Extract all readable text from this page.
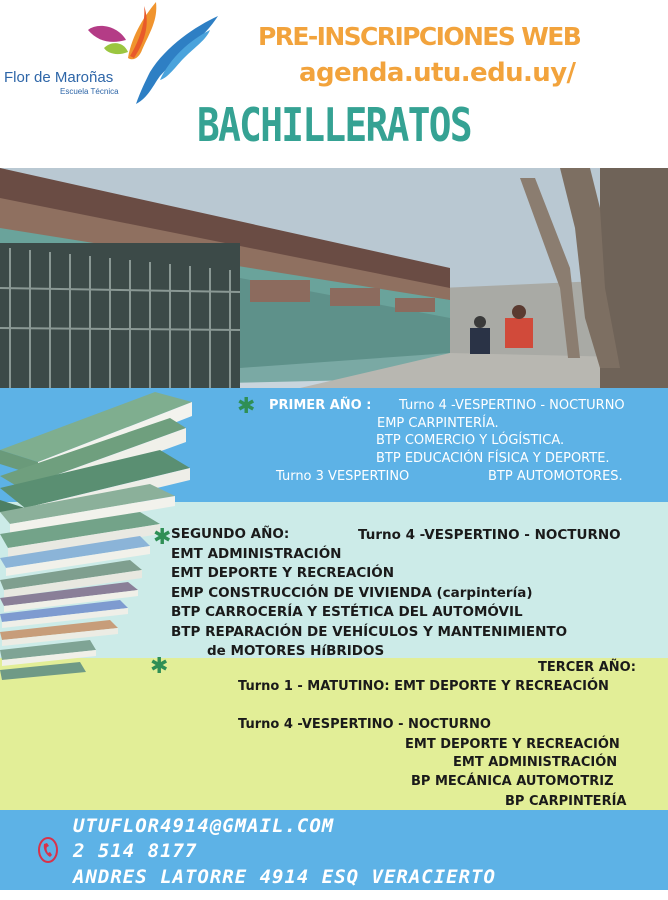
Flor de Maroñas
Escuela Técnica
PRE-INSCRIPCIONES WEB
agenda.utu.edu.uy/
BACHILLERATOS
✱ PRIMER AÑO : Turno 4 -VESPERTINO - NOCTURNO
EMP CARPINTERÍA.
BTP COMERCIO Y LÓGÍSTICA.
BTP EDUCACIÓN FÍSICA Y DEPORTE.
Turno 3 VESPERTINO	BTP AUTOMOTORES.
✱ SEGUNDO AÑO:	Turno 4 -VESPERTINO - NOCTURNO
EMT ADMINISTRACIÓN
EMT DEPORTE Y RECREACIÓN
EMP CONSTRUCCIÓN DE VIVIENDA (carpintería)
BTP CARROCERÍA Y ESTÉTICA DEL AUTOMÓVIL
BTP REPARACIÓN DE VEHÍCULOS Y MANTENIMIENTO
de MOTORES HíBRIDOS
✱	TERCER AÑO:
Turno 1 - MATUTINO: EMT DEPORTE Y RECREACIÓN
Turno 4 -VESPERTINO - NOCTURNO
EMT DEPORTE Y RECREACIÓN
EMT ADMINISTRACIÓN
BP MECÁNICA AUTOMOTRIZ
BP CARPINTERÍA
UTUFLOR4914@GMAIL.COM
2 514 8177
ANDRES LATORRE 4914 ESQ VERACIERTO
